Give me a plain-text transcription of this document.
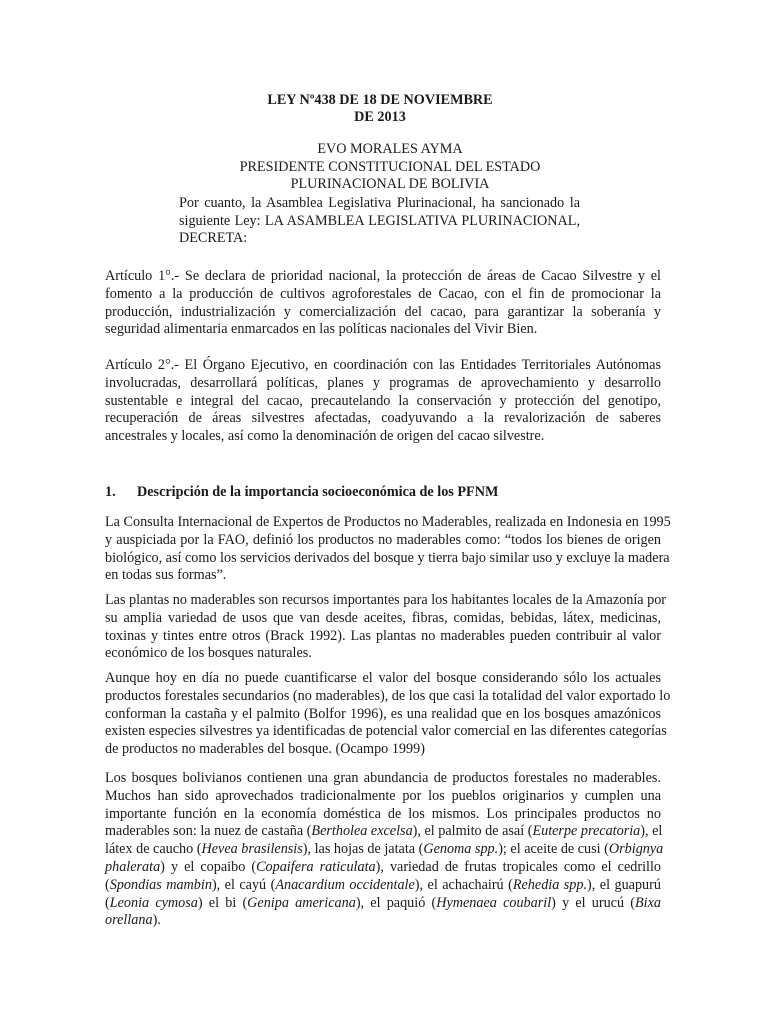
LEY Nº438 DE 18 DE NOVIEMBRE
DE 2013
EVO MORALES AYMA
PRESIDENTE CONSTITUCIONAL DEL ESTADO
PLURINACIONAL DE BOLIVIA
Por cuanto, la Asamblea Legislativa Plurinacional, ha sancionado la
siguiente Ley: LA ASAMBLEA LEGISLATIVA PLURINACIONAL,
DECRETA:
Artículo 1°.- Se declara de prioridad nacional, la protección de áreas de Cacao Silvestre y el
fomento a la producción de cultivos agroforestales de Cacao, con el fin de promocionar la
producción, industrialización y comercialización del cacao, para garantizar la soberanía y
seguridad alimentaria enmarcados en las políticas nacionales del Vivir Bien.
Artículo 2°.- El Órgano Ejecutivo, en coordinación con las Entidades Territoriales Autónomas
involucradas, desarrollará políticas, planes y programas de aprovechamiento y desarrollo
sustentable e integral del cacao, precautelando la conservación y protección del genotipo,
recuperación de áreas silvestres afectadas, coadyuvando a la revalorización de saberes
ancestrales y locales, así como la denominación de origen del cacao silvestre.
1. Descripción de la importancia socioeconómica de los PFNM
La Consulta Internacional de Expertos de Productos no Maderables, realizada en Indonesia en 1995
y auspiciada por la FAO, definió los productos no maderables como: “todos los bienes de origen
biológico, así como los servicios derivados del bosque y tierra bajo similar uso y excluye la madera
en todas sus formas”.
Las plantas no maderables son recursos importantes para los habitantes locales de la Amazonía por
su amplia variedad de usos que van desde aceites, fibras, comidas, bebidas, látex, medicinas,
toxinas y tintes entre otros (Brack 1992). Las plantas no maderables pueden contribuir al valor
económico de los bosques naturales.
Aunque hoy en día no puede cuantificarse el valor del bosque considerando sólo los actuales
productos forestales secundarios (no maderables), de los que casi la totalidad del valor exportado lo
conforman la castaña y el palmito (Bolfor 1996), es una realidad que en los bosques amazónicos
existen especies silvestres ya identificadas de potencial valor comercial en las diferentes categorías
de productos no maderables del bosque. (Ocampo 1999)
Los bosques bolivianos contienen una gran abundancia de productos forestales no maderables.
Muchos han sido aprovechados tradicionalmente por los pueblos originarios y cumplen una
importante función en la economía doméstica de los mismos. Los principales productos no
maderables son: la nuez de castaña (Bertholea excelsa), el palmito de asaí (Euterpe precatoria), el
látex de caucho (Hevea brasilensis), las hojas de jatata (Genoma spp.); el aceite de cusi (Orbignya
phalerata) y el copaibo (Copaifera raticulata), variedad de frutas tropicales como el cedrillo
(Spondias mambin), el cayú (Anacardium occidentale), el achachairú (Rehedia spp.), el guapurú
(Leonia cymosa) el bi (Genipa americana), el paquió (Hymenaea coubaril) y el urucú (Bixa
orellana).
